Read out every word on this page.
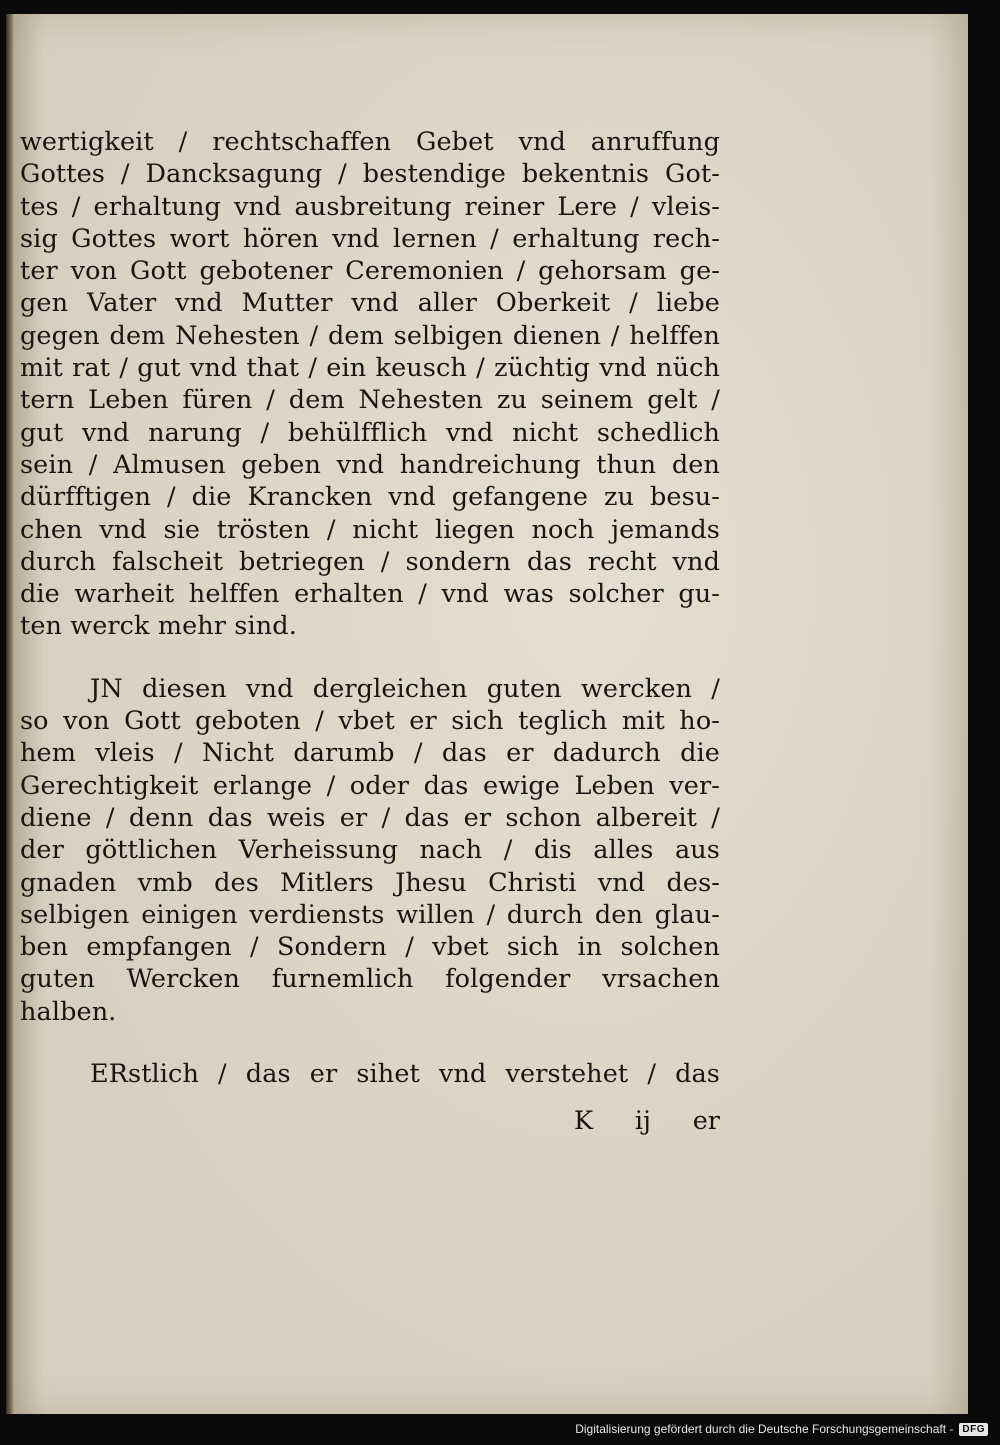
wertigkeit / rechtschaffen Gebet vnd anruffung
Gottes / Dancksagung / bestendige bekentnis Got‑
tes / erhaltung vnd ausbreitung reiner Lere / vleis‑
sig Gottes wort hören vnd lernen / erhaltung rech‑
ter von Gott gebotener Ceremonien / gehorsam ge‑
gen Vater vnd Mutter vnd aller Oberkeit / liebe
gegen dem Nehesten / dem selbigen dienen / helffen
mit rat / gut vnd that / ein keusch / züchtig vnd nüch
tern Leben füren / dem Nehesten zu seinem gelt /
gut vnd narung / behülfflich vnd nicht schedlich
sein / Almusen geben vnd handreichung thun den
dürfftigen / die Krancken vnd gefangene zu besu‑
chen vnd sie trösten / nicht liegen noch jemands
durch falscheit betriegen / sondern das recht vnd
die warheit helffen erhalten / vnd was solcher gu‑
ten werck mehr sind.
JN diesen vnd dergleichen guten wercken /
so von Gott geboten / vbet er sich teglich mit ho‑
hem vleis / Nicht darumb / das er dadurch die
Gerechtigkeit erlange / oder das ewige Leben ver‑
diene / denn das weis er / das er schon albereit /
der göttlichen Verheissung nach / dis alles aus
gnaden vmb des Mitlers Jhesu Christi vnd des‑
selbigen einigen verdiensts willen / durch den glau‑
ben empfangen / Sondern / vbet sich in solchen
guten Wercken furnemlich folgender vrsachen
halben.
ERstlich / das er sihet vnd verstehet / das
K ij er
Digitalisierung gefördert durch die Deutsche Forschungsgemeinschaft - DFG
